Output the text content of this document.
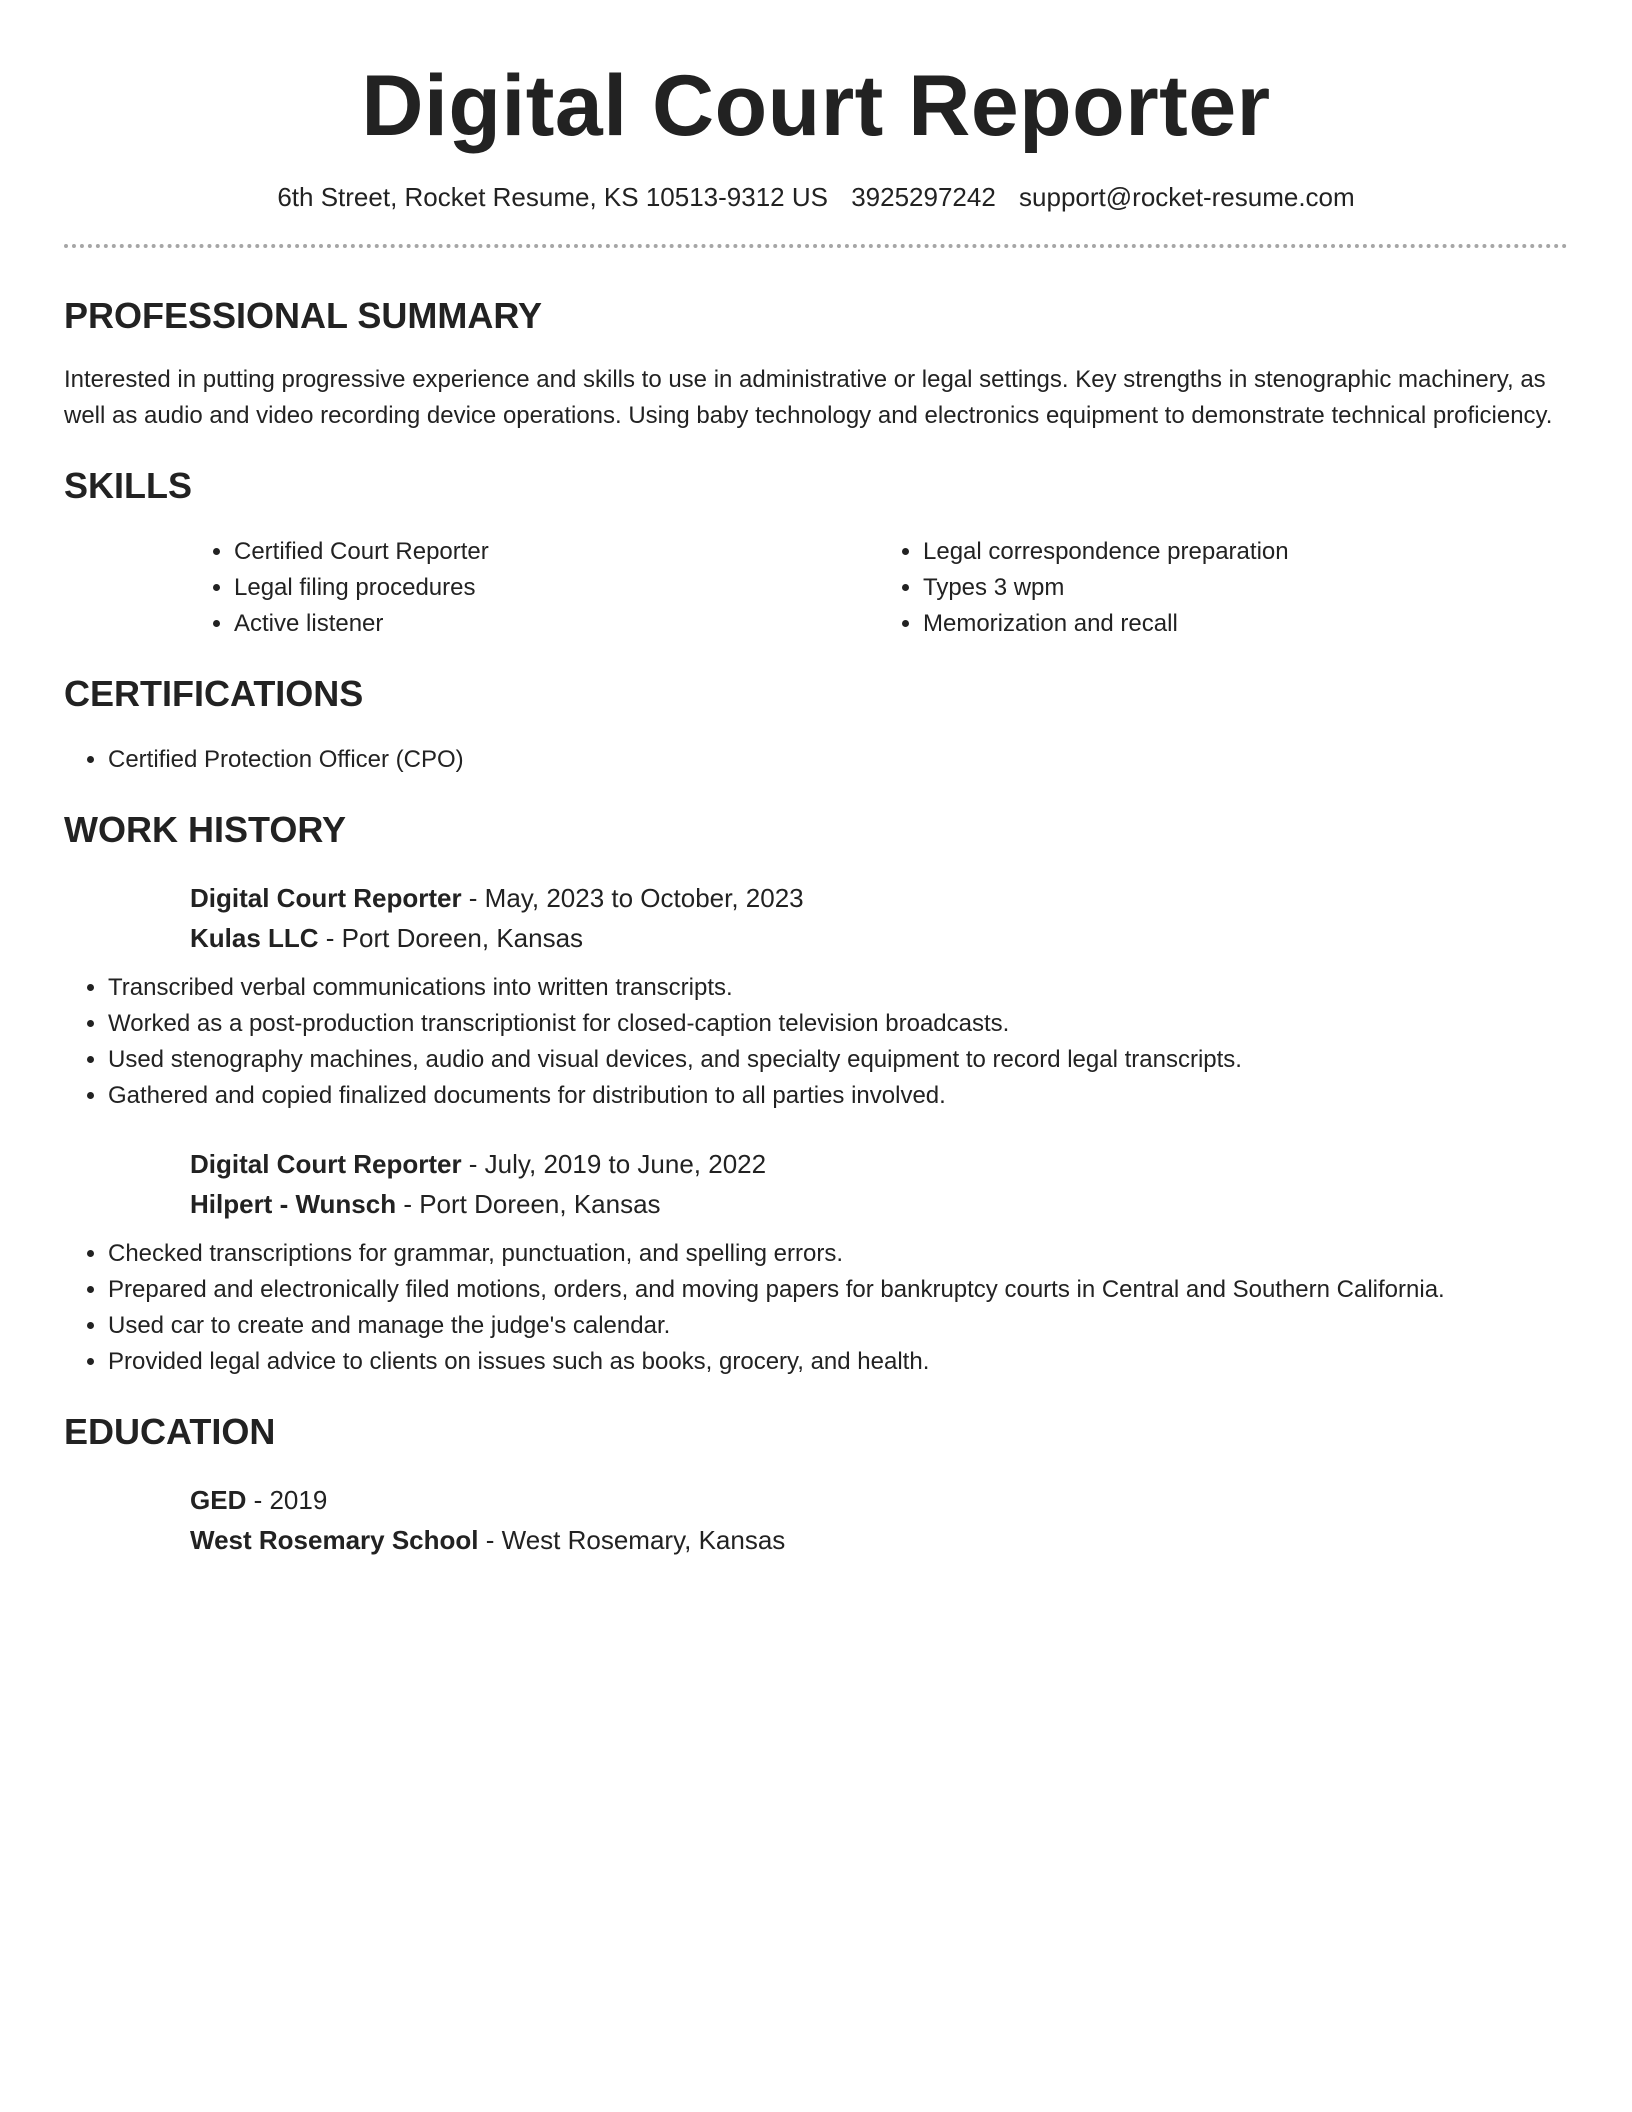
Digital Court Reporter
6th Street, Rocket Resume, KS 10513-9312 US 3925297242 support@rocket-resume.com
PROFESSIONAL SUMMARY

Interested in putting progressive experience and skills to use in administrative or legal settings. Key strengths in stenographic machinery, as well as audio and video recording device operations. Using baby technology and electronics equipment to demonstrate technical proficiency.

SKILLS
• Certified Court Reporter
• Legal filing procedures
• Active listener
• Legal correspondence preparation
• Types 3 wpm
• Memorization and recall
CERTIFICATIONS
• Certified Protection Officer (CPO)
WORK HISTORY

Digital Court Reporter - May, 2023 to October, 2023

Kulas LLC - Port Doreen, Kansas

• Transcribed verbal communications into written transcripts.
• Worked as a post-production transcriptionist for closed-caption television broadcasts.
• Used stenography machines, audio and visual devices, and specialty equipment to record legal transcripts.
• Gathered and copied finalized documents for distribution to all parties involved.

Digital Court Reporter - July, 2019 to June, 2022

Hilpert - Wunsch - Port Doreen, Kansas

• Checked transcriptions for grammar, punctuation, and spelling errors.
• Prepared and electronically filed motions, orders, and moving papers for bankruptcy courts in Central and Southern California.
• Used car to create and manage the judge's calendar.
• Provided legal advice to clients on issues such as books, grocery, and health.
EDUCATION

GED - 2019

West Rosemary School - West Rosemary, Kansas
